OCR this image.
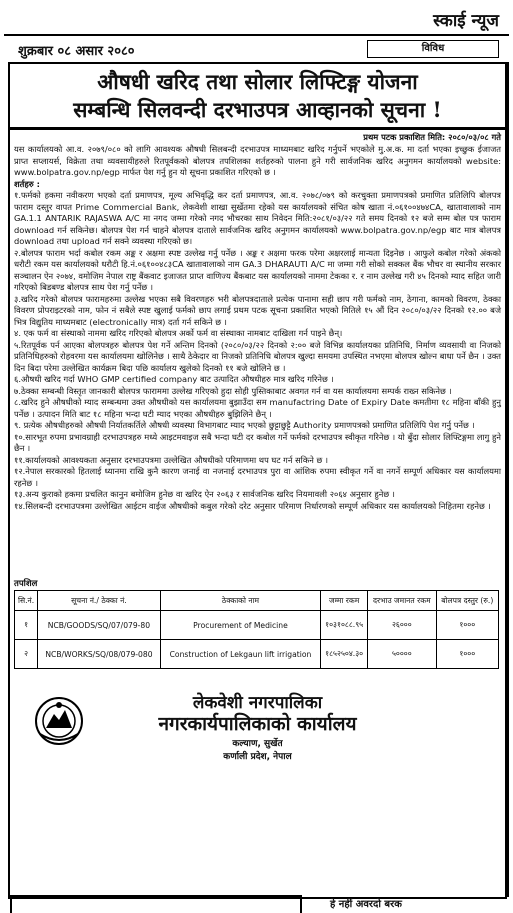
स्काई न्यूज
शुक्रबार ०८ असार २०८०	विविध
औषधी खरिद तथा सोलार लिफ्टिङ्ग योजना
सम्बन्धि सिलवन्दी दरभाउपत्र आव्हानको सूचना !
प्रथम पटक प्रकाशित मिति: २०८०/०३/०८ गते

यस कार्यालयको आ.व. २०७९/०८० को लागि आवश्यक औषधी सिलबन्दी दरभाउपत्र माध्यमबाट खरिद गर्नुपर्ने भएकोले मु.अ.क. मा दर्ता भएका इच्छुक ईजाजत प्राप्त सप्लायर्स, विक्रेता तथा व्यवसायीहरुले रितपूर्वकको बोलपत्र तपशिलका शर्तहरुको पालना हुने गरी सार्वजनिक खरिद अनुगमन कार्यालयको website: www.bolpatra.gov.np/egp मार्फत पेश गर्नु हुन यो सूचना प्रकाशित गरिएको छ ।

शर्तहरु :

१.फर्मको हकमा नवीकरण भएको दर्ता प्रमाणपत्र, मूल्य अभिवृद्धि कर दर्ता प्रमाणपत्र, आ.व. २०७८/०७९ को करचुक्ता प्रमाणपत्रको प्रमाणित प्रतिलिपि बोलपत्र फाराम दस्तुर वापत Prime Commercial Bank, लेकवेशी शाखा सुर्खेतमा रहेको यस कार्यालयको संचित कोष खाता नं.०६१००४७४CA, खातावालाको नाम GA.1.1 ANTARIK RAJASWA A/C मा नगद जम्मा गरेको नगद भौचरका साथ निवेदन मिति:२०८१/०३/२२ गते समय दिनको १२ बजे सम्म बोल पत्र फाराम download गर्न सकिनेछ। बोलपत्र पेश गर्न चाहने बोलपत्र दाताले सार्वजनिक खरिद अनुगमन कार्यालयको www.bolpatra.gov.np/egp बाट मात्र बोलपत्र download तथा upload गर्न सक्ने व्यवस्था गरिएको छ।

२.बोलपत्र फाराम भर्दा कबोल रकम अङ्क र अक्षमा स्पष्ट उल्लेख गर्नु पर्नेछ । अङ्क र अक्षमा फरक परेमा अक्षरलाई मान्यता दिइनेछ । आफुले कबोल गरेको अंकको धरौटी रकम यस कार्यालयको धरौटी हि.नं.०६१००४८३CA खातावालाको नाम GA.3 DHARAUTI A/C मा जम्मा गरी सोको सक्कल बैंक भौचर वा स्थानीय सरकार सञ्चालन ऐन २०७४, वमोजिम नेपाल राष्ट्र बैंकवाट इजाजत प्राप्त वाणिज्य बैंकबाट यस कार्यालयको नाममा टेकका र. र नाम उल्लेख गरी ४५ दिनको म्याद सहित जारी गरिएको बिडबण्ड बोलपत्र साथ पेश गर्नु पर्नेछ ।

३.खरिद गरेको बोलपत्र फारामहरुमा उल्लेख भएका सबै विवरणहरु भरी बोलपत्रदाताले प्रत्येक पानामा सही छाप गरी फर्मको नाम, ठेगाना, कामको विवरण, ठेक्का विवरण प्रोपराइटरको नाम, फोन नं सबैले स्पष्ट खुलाई फर्मको छाप लगाई प्रथम पटक सूचना प्रकाशित भएको मितिले १५ औं दिन २०८०/०३/२२ दिनको १२.०० बजे भित्र विद्युतिय माध्यमबाट (electronically मात्र) दर्ता गर्न सकिने छ ।

४. एक फर्म वा संस्थाको नाममा खरिद गरिएको बोलपत्र अर्को फर्म वा संस्थाका नामबाट दाखिला गर्न पाइने छैन्।

५.रितपूर्वक पर्न आएका बोलपत्रहरु बोलपत्र पेश गर्ने अन्तिम दिनको (२०८०/०३/२२ दिनको २:०० बजे विभिन्न कार्यालयका प्रतिनिधि, निर्माण व्यवसायी वा निजको प्रतिनिधिहरुको रोहवरमा यस कार्यालयमा खोलिनेछ । साथै ठेकेदार वा निजको प्रतिनिधि बोलपत्र खुल्दा समयमा उपस्थित नभएमा बोलपत्र खोल्न बाधा पर्ने छैन । उक्त दिन बिदा परेमा उल्लेखित कार्यक्रम बिदा पछि कार्यालय खुलेको दिनको ११ बजे खोलिने छ ।

६.औषधी खरिद गर्दा WHO GMP certified company बाट उत्पादित औषधीहरु मात्र खरिद गरिनेछ ।

७.ठेक्का सम्बन्धी विस्तृत जानकारी बोलपत्र फाराममा उल्लेख गरिएको हुदा सोही पुस्तिकाबाट अवगत गर्न वा यस कार्यालयमा सम्पर्क राख्न सकिनेछ ।

८.खरिद हुने औषधीको म्याद सम्बन्धमा उक्त औषधीको यस कार्यालयमा बुझाउँदा सम manufactring Date of Expiry Date कमतीमा १८ महिना बाँकी हुनु पर्नेछ । उत्पादन मिति बाट १८ महिना भन्दा घटी म्याद भएका औषधीहरु बुझिलिने छैन् ।

९. प्रत्येक औषधीहरुको औषधी निर्यातकर्तिले औषधी व्यवस्था विभागबाट म्याद भएको छुट्टाछुट्टै Authority प्रमाणपत्रको प्रमाणित प्रतिलिपि पेश गर्नु पर्नेछ ।

१०.सारभूत रुपमा प्रभावग्राही दरभाउपत्रहरु मध्ये आइटमवाइज सबै भन्दा घटी दर कबोल गर्ने फर्मको दरभाउपत्र स्वीकृत गरिनेछ । यो बुँदा सोलार लिफ्टिङ्गमा लागु हुने छैन ।

११.कार्यालयको आवश्यकता अनुसार दरभाउपत्रमा उल्लेखित औषधीको परिमाणमा थप घट गर्न सकिने छ ।

१२.नेपाल सरकारको हितलाई ध्यानमा राखि कुनै कारण जनाई वा नजनाई दरभाउपत्र पुरा वा आंशिक रुपमा स्वीकृत गर्ने वा नगर्ने सम्पूर्ण अधिकार यस कार्यालयमा रहनेछ ।

१३.अन्य कुराको हकमा प्रचलित कानुन बमोजिम हुनेछ वा खरिद ऐन २०६३ र सार्वजनिक खरिद नियमावली २०६४ अनुसार हुनेछ ।

१४.सिलबन्दी दरभाउपत्रमा उल्लेखित आईटम वाईज औषधीको कबुल गरेको दरेट अनुसार परिमाण निर्धारणको सम्पूर्ण अधिकार यस कार्यालयको निहितमा रहनेछ ।

तपशिल
सि.नं.	सूचना नं./ ठेक्का नं.	ठेक्काको नाम	जम्मा रकम	दरभाउ जमानत रकम	बोलपत्र दस्तुर (रु.)
१	NCB/GOODS/SQ/07/079-80	Procurement of Medicine	१०३१०८८.९५	२६०००	१०००
२	NCB/WORKS/SQ/08/079-080	Construction of Lekgaun lift irrigation	१८५२५०४.३०	५००००	१०००
लेकवेशी नगरपालिका
नगरकार्यपालिकाको कार्यालय
कल्याण, सुर्खेत
कर्णाली प्रदेश, नेपाल
हे नहीं अवरदो बरक
